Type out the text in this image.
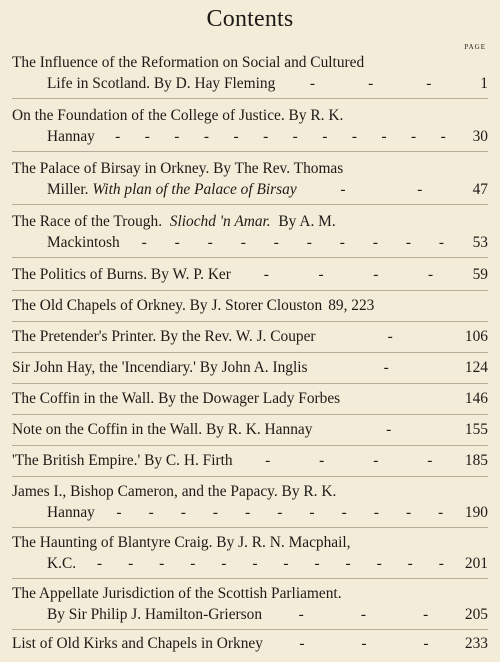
Contents
PAGE
The Influence of the Reformation on Social and Cultured
Life in Scotland. By D. Hay Fleming - - -	1
On the Foundation of the College of Justice. By R. K.
Hannay - - - - - - - - - - - -	30
The Palace of Birsay in Orkney. By The Rev. Thomas
Miller.
With plan of the Palace of Birsay - -	47
The Race of the Trough.
Sliochd 'n Amar.
By A. M.
Mackintosh - - - - - - - - - -	53
The Politics of Burns. By W. P. Ker - - - -	59
The Old Chapels of Orkney. By J. Storer Clouston 89, 223
The Pretender's Printer. By the Rev. W. J. Couper -	106
Sir John Hay, the 'Incendiary.' By John A. Inglis -	124
The Coffin in the Wall. By the Dowager Lady Forbes	146
Note on the Coffin in the Wall. By R. K. Hannay -	155
'The British Empire.' By C. H. Firth - - - -	185
James I., Bishop Cameron, and the Papacy. By R. K.
Hannay - - - - - - - - - - -	190
The Haunting of Blantyre Craig. By J. R. N. Macphail,
K.C. - - - - - - - - - - - -	201
The Appellate Jurisdiction of the Scottish Parliament.
By Sir Philip J. Hamilton-Grierson - - -	205
List of Old Kirks and Chapels in Orkney - - -	233
